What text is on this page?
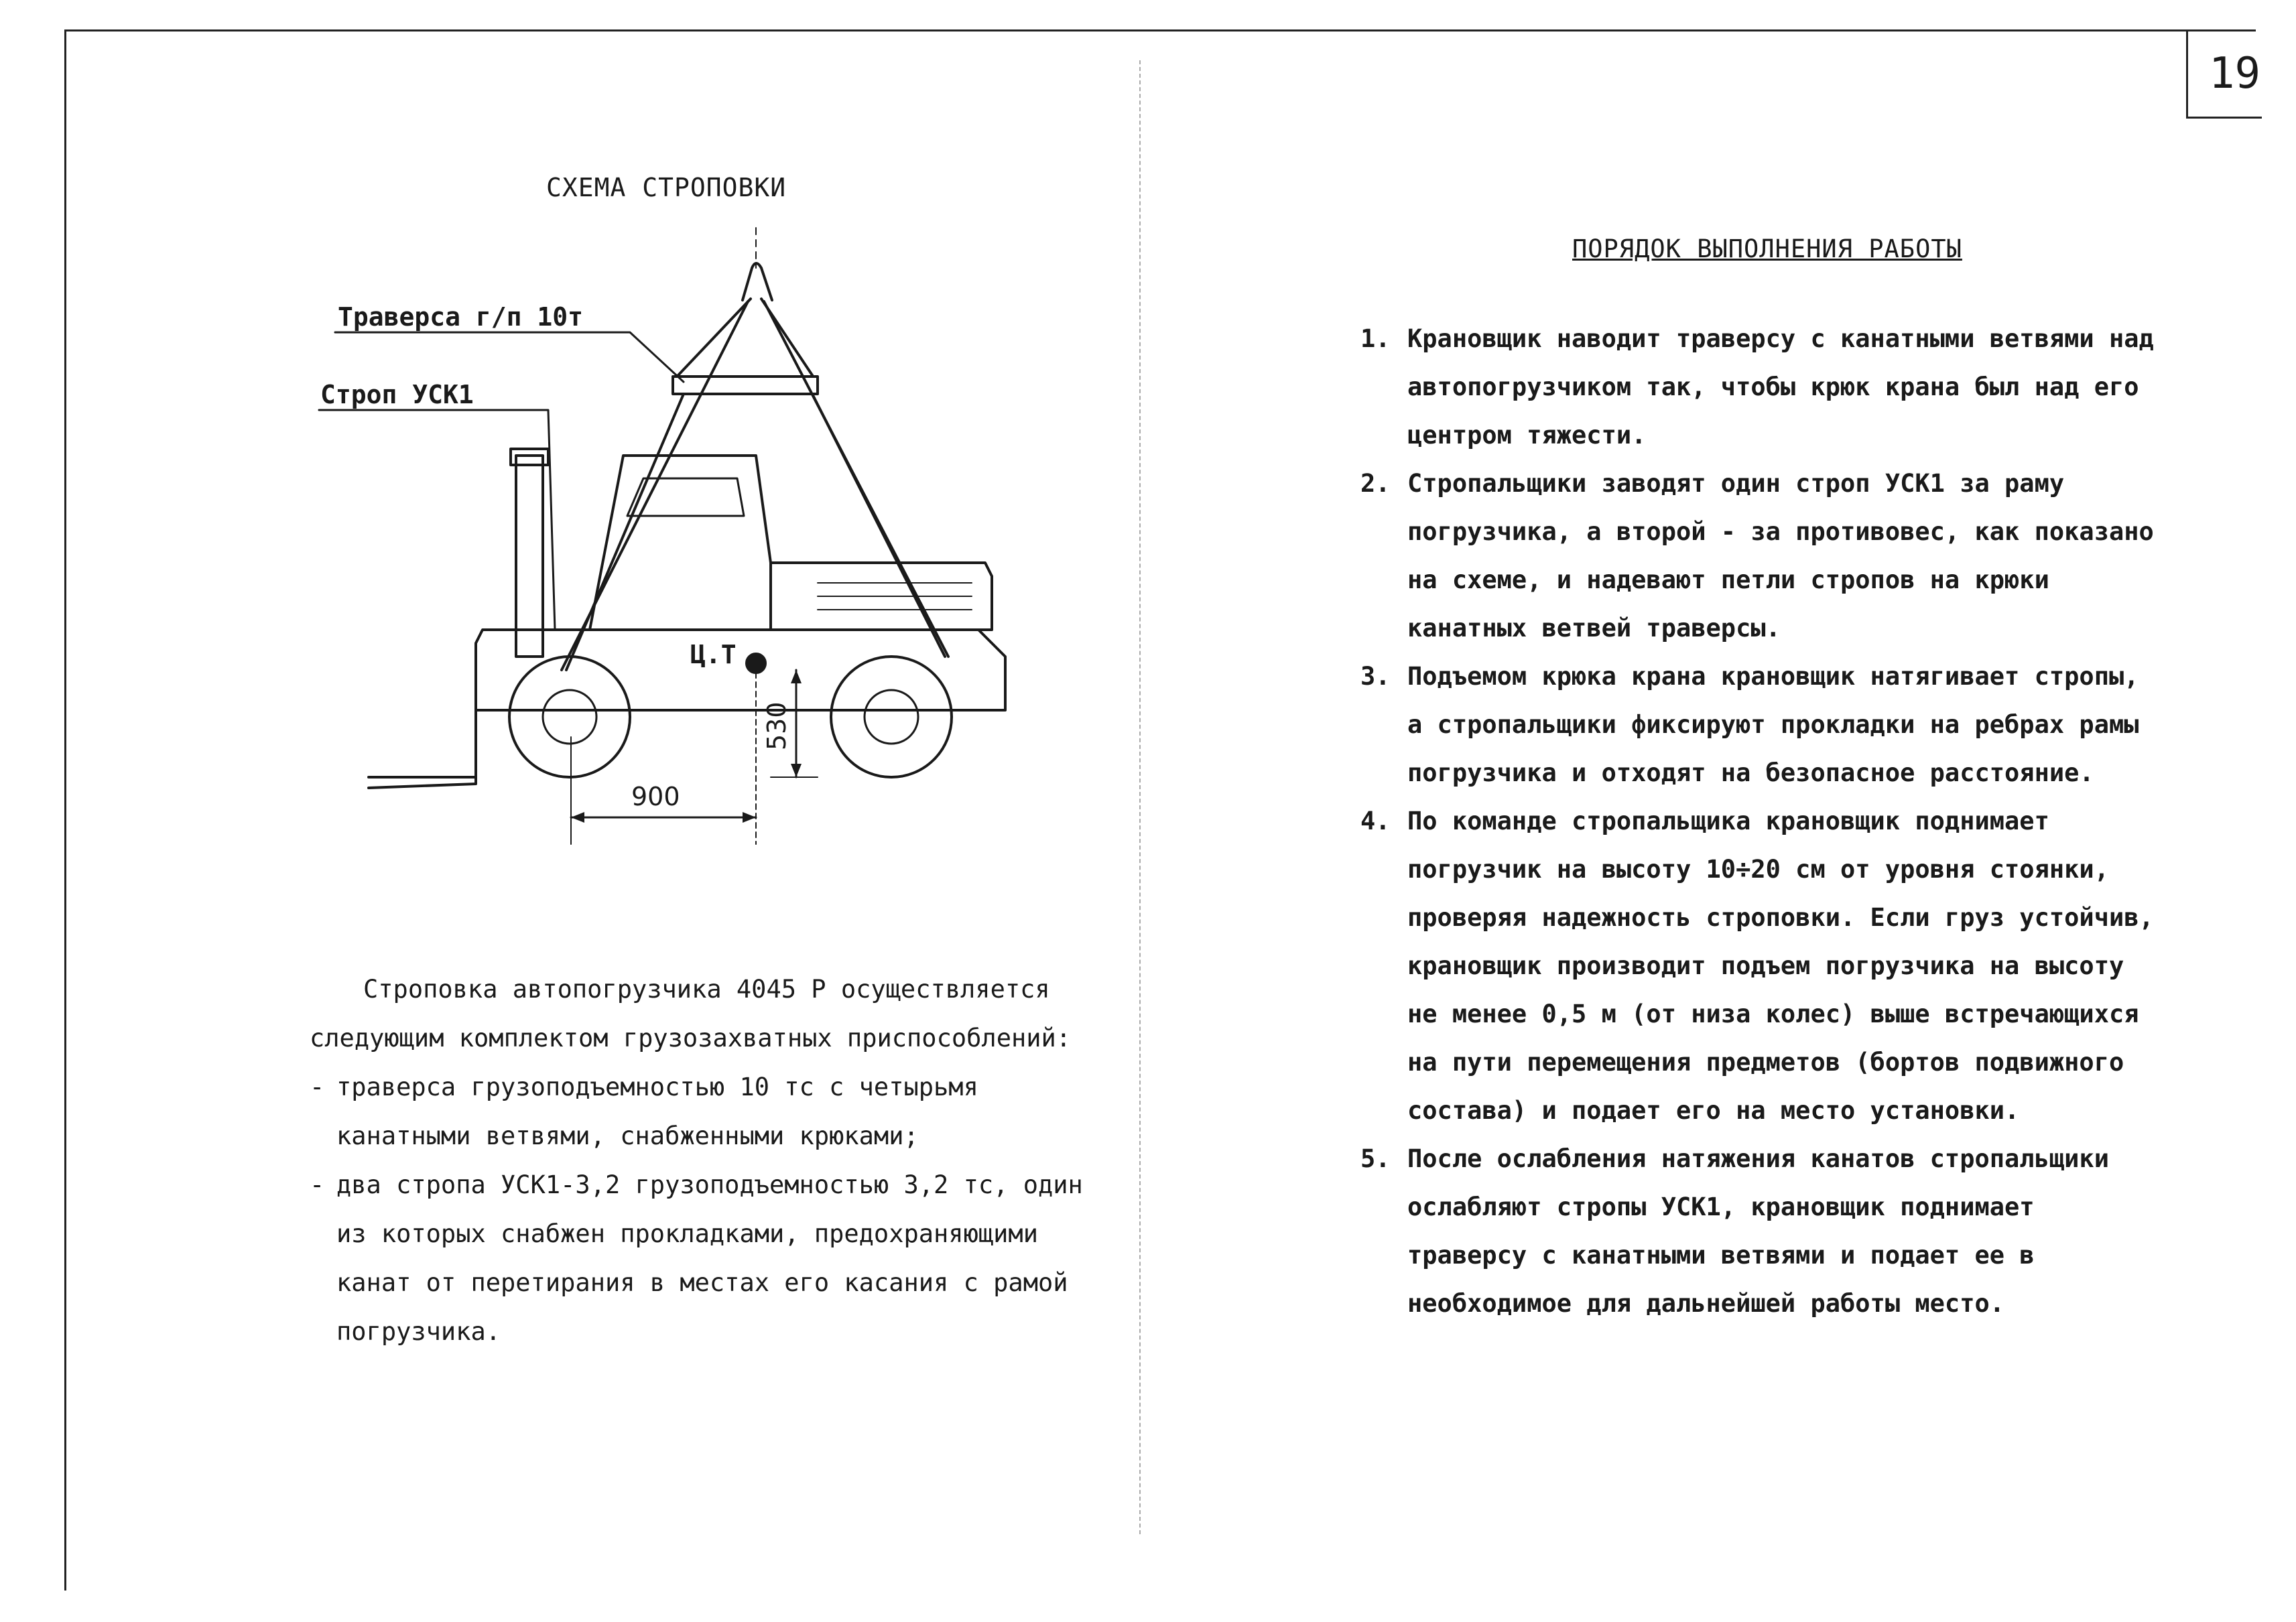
19
СХЕМА СТРОПОВКИ
Траверса г/п 10т
Строп УСК1
Ц.Т
900
530

Строповка автопогрузчика 4045 Р осуществляется следующим комплектом грузозахватных приспособлений:

- траверса грузоподъемностью 10 тс с четырьмя канатными ветвями, снабженными крюками;
- два стропа УСК1-3,2 грузоподъемностью 3,2 тс, один из которых снабжен прокладками, предохраняющими канат от перетирания в местах его касания с рамой погрузчика.
ПОРЯДОК ВЫПОЛНЕНИЯ РАБОТЫ
1. Крановщик наводит траверсу с канатными ветвями над автопогрузчиком так, чтобы крюк крана был над его центром тяжести.
2. Стропальщики заводят один строп УСК1 за раму погрузчика, а второй - за противовес, как показано на схеме, и надевают петли стропов на крюки канатных ветвей траверсы.
3. Подъемом крюка крана крановщик натягивает стропы, а стропальщики фиксируют прокладки на ребрах рамы погрузчика и отходят на безопасное расстояние.
4. По команде стропальщика крановщик поднимает погрузчик на высоту 10÷20 см от уровня стоянки, проверяя надежность строповки. Если груз устойчив, крановщик производит подъем погрузчика на высоту не менее 0,5 м (от низа колес) выше встречающихся на пути перемещения предметов (бортов подвижного состава) и подает его на место установки.
5. После ослабления натяжения канатов стропальщики ослабляют стропы УСК1, крановщик поднимает траверсу с канатными ветвями и подает ее в необходимое для дальнейшей работы место.
